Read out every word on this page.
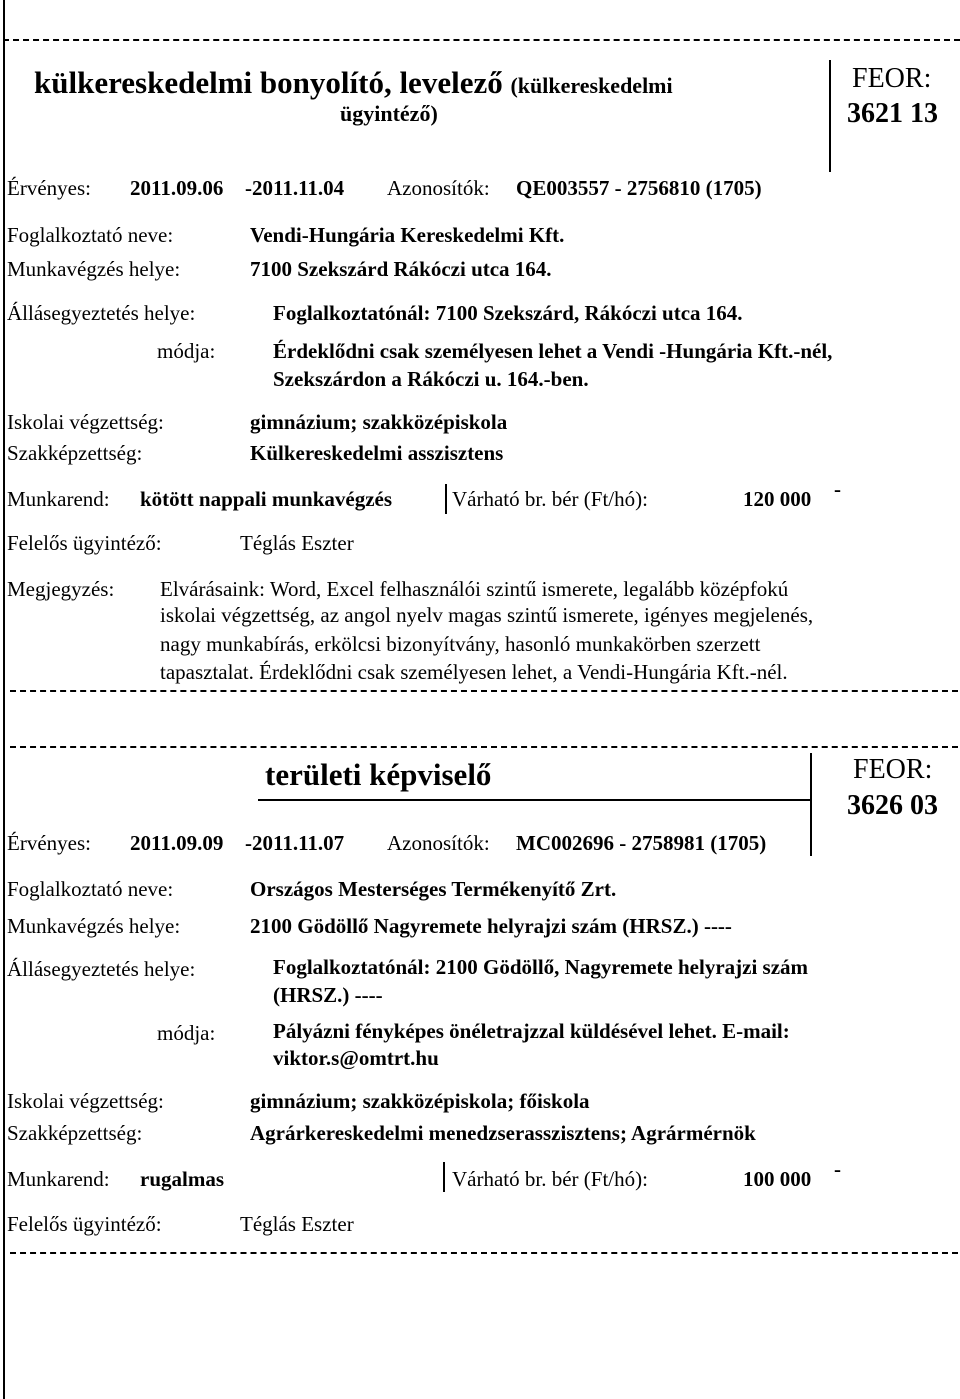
külkereskedelmi bonyolító, levelező (külkereskedelmi
ügyintéző)
FEOR:
3621 13
Érvényes: 2011.09.06 -2011.11.04 Azonosítók: QE003557 - 2756810 (1705)
Foglalkoztató neve:	Vendi-Hungária Kereskedelmi Kft.
Munkavégzés helye:	7100 Szekszárd Rákóczi utca 164.
Állásegyeztetés helye:	Foglalkoztatónál: 7100 Szekszárd, Rákóczi utca 164.
módja:	Érdeklődni csak személyesen lehet a Vendi -Hungária Kft.-nél,
Szekszárdon a Rákóczi u. 164.-ben.
Iskolai végzettség:	gimnázium; szakközépiskola
Szakképzettség:	Külkereskedelmi asszisztens
Munkarend: kötött nappali munkavégzés	Várható br. bér (Ft/hó):	120 000 -
Felelős ügyintéző:	Téglás Eszter
Megjegyzés: Elvárásaink: Word, Excel felhasználói szintű ismerete, legalább középfokú
iskolai végzettség, az angol nyelv magas szintű ismerete, igényes megjelenés,
nagy munkabírás, erkölcsi bizonyítvány, hasonló munkakörben szerzett
tapasztalat. Érdeklődni csak személyesen lehet, a Vendi-Hungária Kft.-nél.
területi képviselő	FEOR:
3626 03
Érvényes: 2011.09.09 -2011.11.07 Azonosítók: MC002696 - 2758981 (1705)
Foglalkoztató neve:	Országos Mesterséges Termékenyítő Zrt.
Munkavégzés helye:	2100 Gödöllő Nagyremete helyrajzi szám (HRSZ.) ----
Állásegyeztetés helye:	Foglalkoztatónál: 2100 Gödöllő, Nagyremete helyrajzi szám
(HRSZ.) ----
módja:	Pályázni fényképes önéletrajzzal küldésével lehet. E-mail:
viktor.s@omtrt.hu
Iskolai végzettség:	gimnázium; szakközépiskola; főiskola
Szakképzettség:	Agrárkereskedelmi menedzserasszisztens; Agrármérnök
Munkarend: rugalmas	Várható br. bér (Ft/hó):	100 000 -
Felelős ügyintéző:	Téglás Eszter
